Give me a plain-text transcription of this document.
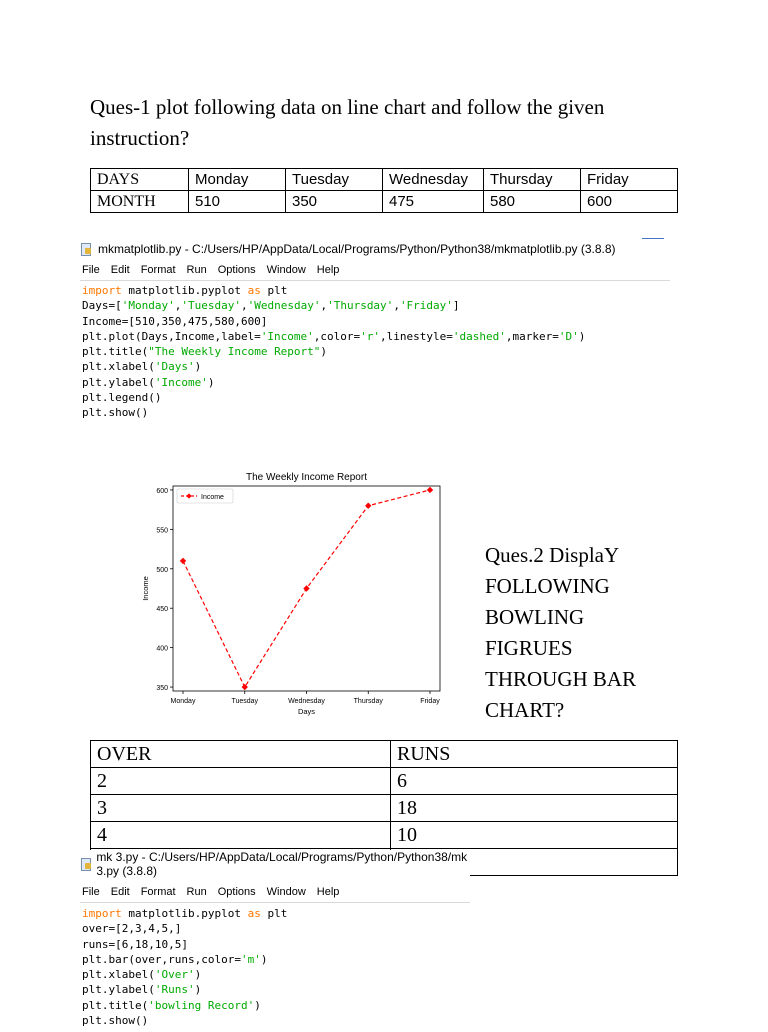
Ques-1 plot following data on line chart and follow the given instruction?
DAYS	Monday	Tuesday	Wednesday	Thursday	Friday
MONTH	510	350	475	580	600
mkmatplotlib.py - C:/Users/HP/AppData/Local/Programs/Python/Python38/mkmatplotlib.py (3.8.8)
File Edit Format Run Options Window Help
import matplotlib.pyplot as plt
Days=['Monday','Tuesday','Wednesday','Thursday','Friday']
Income=[510,350,475,580,600]
plt.plot(Days,Income,label='Income',color='r',linestyle='dashed',marker='D')
plt.title("The Weekly Income Report")
plt.xlabel('Days')
plt.ylabel('Income')
plt.legend()
plt.show()
The Weekly Income Report
350
400
450
500
550
600
Monday	Tuesday	Wednesday	Thursday	Friday
Days
Income
Income
Ques.2 DisplaY
FOLLOWING
BOWLING
FIGRUES
THROUGH BAR
CHART?
OVER	RUNS
2	6
3	18
4	10

mk 3.py - C:/Users/HP/AppData/Local/Programs/Python/Python38/mk 3.py (3.8.8)
File Edit Format Run Options Window Help
import matplotlib.pyplot as plt
over=[2,3,4,5,]
runs=[6,18,10,5]
plt.bar(over,runs,color='m')
plt.xlabel('Over')
plt.ylabel('Runs')
plt.title('bowling Record')
plt.show()
